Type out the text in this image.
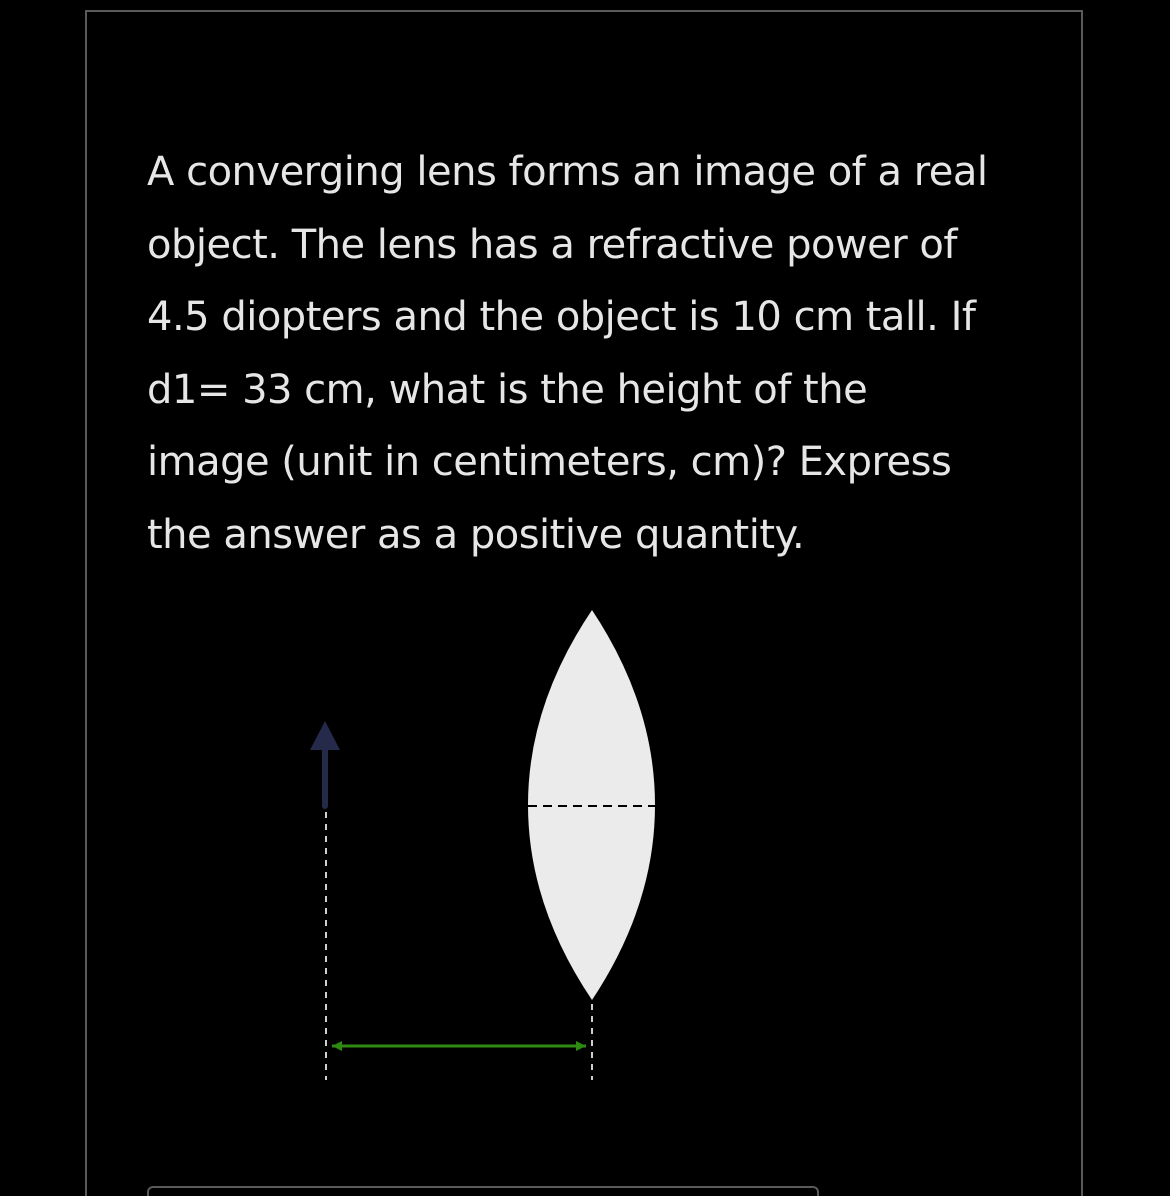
A converging lens forms an image of a real
object. The lens has a refractive power of
4.5 diopters and the object is 10 cm tall. If
d1= 33 cm, what is the height of the
image (unit in centimeters, cm)? Express
the answer as a positive quantity.
